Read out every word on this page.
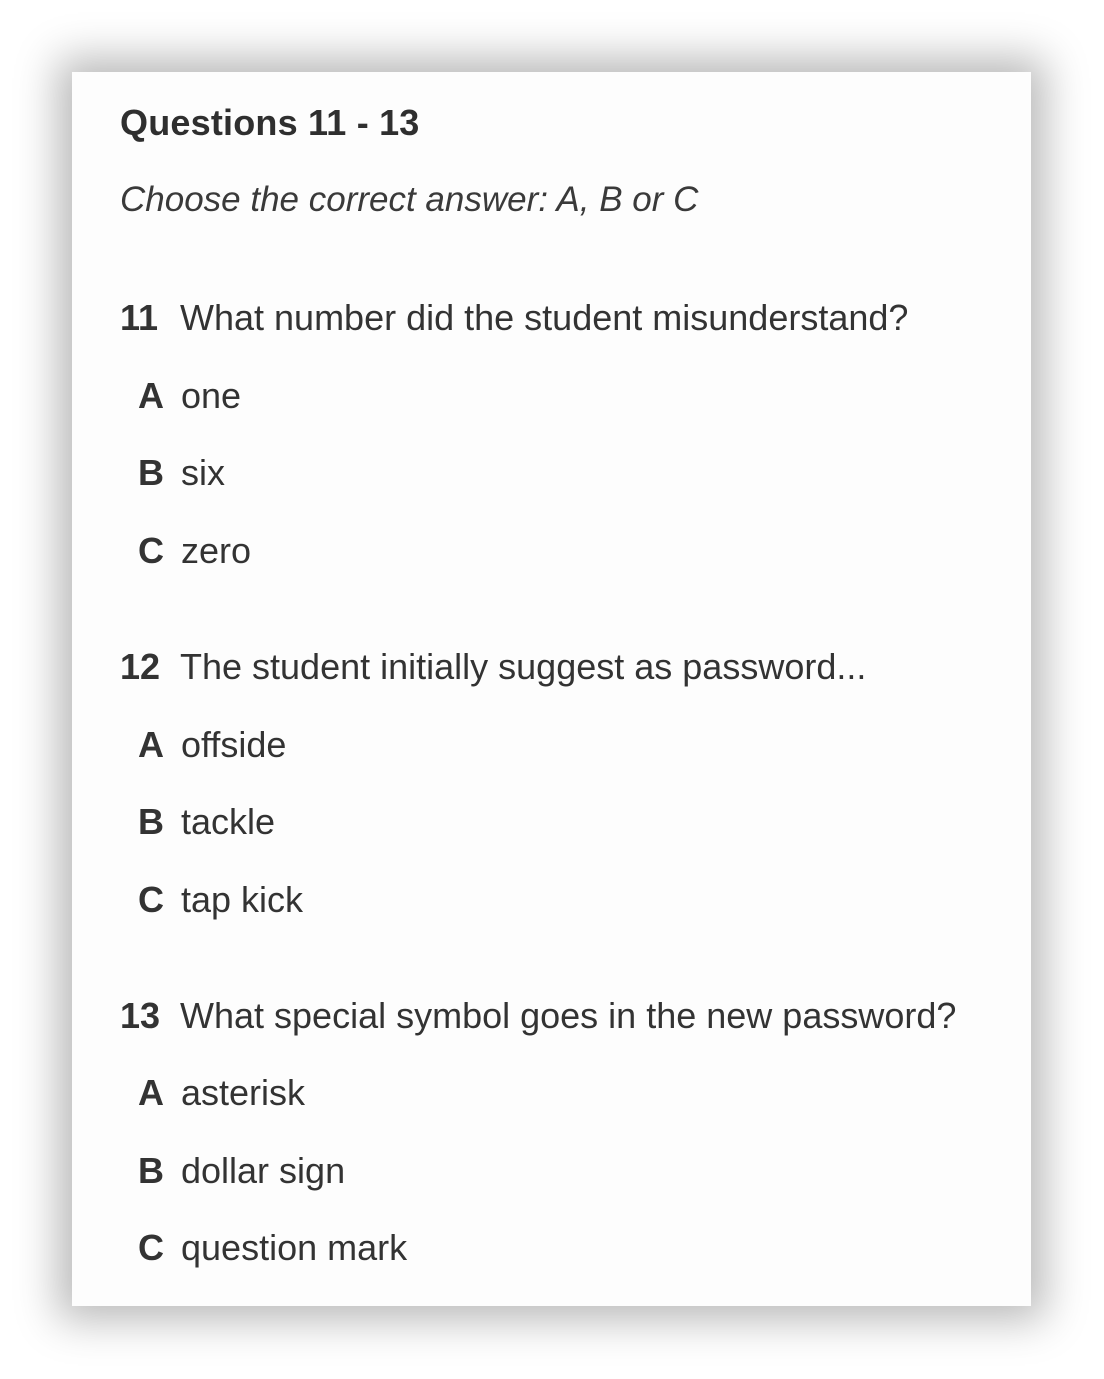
Questions 11 - 13
Choose the correct answer: A, B or C
11 What number did the student misunderstand?
A one
B six
C zero
12 The student initially suggest as password...
A offside
B tackle
C tap kick
13 What special symbol goes in the new password?
A asterisk
B dollar sign
C question mark
